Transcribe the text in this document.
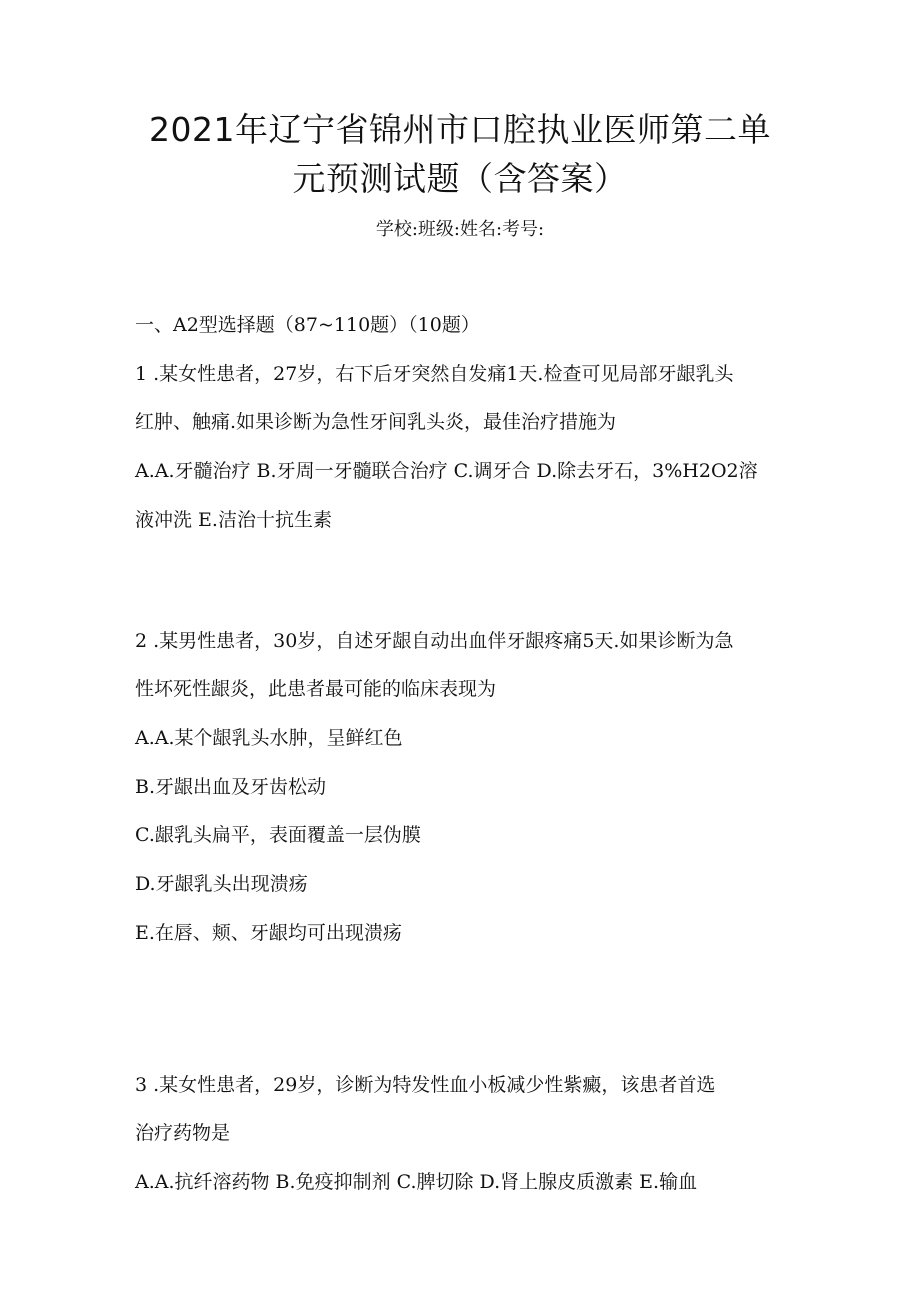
2021年辽宁省锦州市口腔执业医师第二单
元预测试题（含答案）
学校:班级:姓名:考号:
一、A2型选择题（87~110题）（10题）
1 .某女性患者，27岁，右下后牙突然自发痛1天.检查可见局部牙龈乳头
红肿、触痛.如果诊断为急性牙间乳头炎，最佳治疗措施为
A.A.牙髓治疗 B.牙周一牙髓联合治疗 C.调牙合 D.除去牙石，3%H2O2溶
液冲洗 E.洁治十抗生素
2 .某男性患者，30岁，自述牙龈自动出血伴牙龈疼痛5天.如果诊断为急
性坏死性龈炎，此患者最可能的临床表现为
A.A.某个龈乳头水肿，呈鲜红色
B.牙龈出血及牙齿松动
C.龈乳头扁平，表面覆盖一层伪膜
D.牙龈乳头出现溃疡
E.在唇、颊、牙龈均可出现溃疡
3 .某女性患者，29岁，诊断为特发性血小板减少性紫癜，该患者首选
治疗药物是
A.A.抗纤溶药物 B.免疫抑制剂 C.脾切除 D.肾上腺皮质激素 E.输血
